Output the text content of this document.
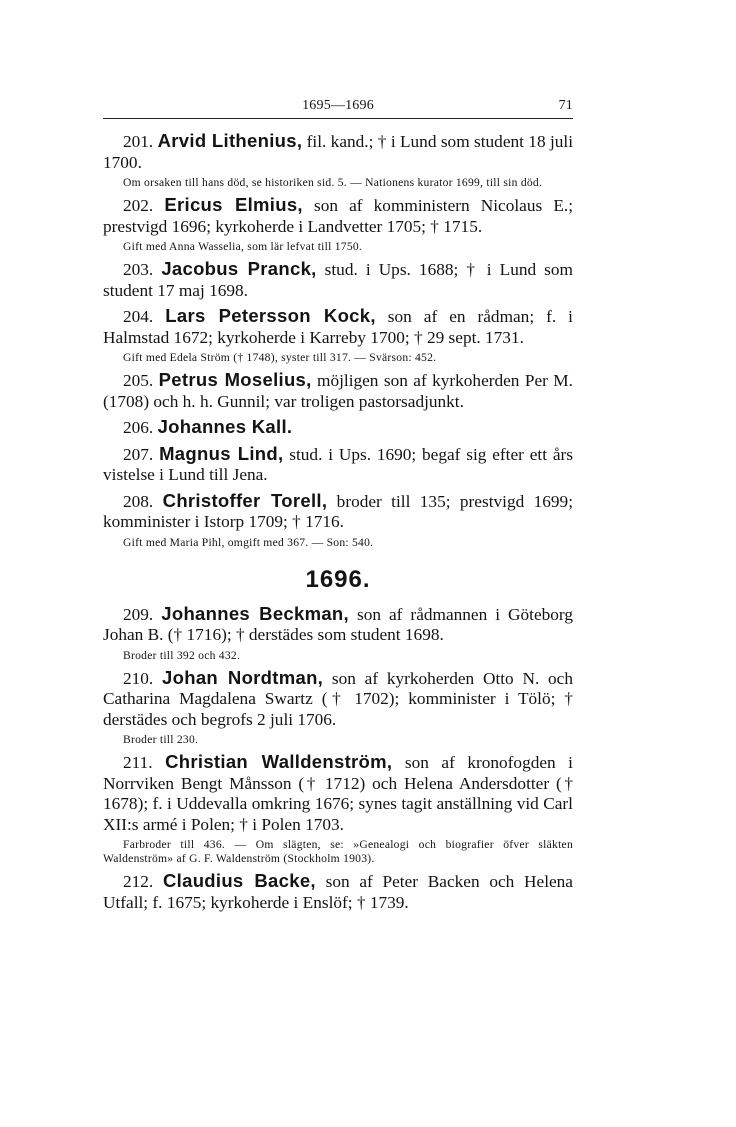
1695—1696	71

201. Arvid Lithenius, fil. kand.; † i Lund som student 18 juli 1700.

Om orsaken till hans död, se historiken sid. 5. — Nationens kurator 1699, till sin död.

202. Ericus Elmius, son af komministern Nicolaus E.; prestvigd 1696; kyrkoherde i Landvetter 1705; † 1715.

Gift med Anna Wasselia, som lär lefvat till 1750.

203. Jacobus Pranck, stud. i Ups. 1688; † i Lund som student 17 maj 1698.

204. Lars Petersson Kock, son af en rådman; f. i Halmstad 1672; kyrkoherde i Karreby 1700; † 29 sept. 1731.

Gift med Edela Ström († 1748), syster till 317. — Svärson: 452.

205. Petrus Moselius, möjligen son af kyrkoherden Per M. (1708) och h. h. Gunnil; var troligen pastorsadjunkt.

206. Johannes Kall.

207. Magnus Lind, stud. i Ups. 1690; begaf sig efter ett års vistelse i Lund till Jena.

208. Christoffer Torell, broder till 135; prestvigd 1699; komminister i Istorp 1709; † 1716.

Gift med Maria Pihl, omgift med 367. — Son: 540.

1696.

209. Johannes Beckman, son af rådmannen i Göteborg Johan B. († 1716); † derstädes som student 1698.

Broder till 392 och 432.

210. Johan Nordtman, son af kyrkoherden Otto N. och Catharina Magdalena Swartz († 1702); komminister i Tölö; † derstädes och begrofs 2 juli 1706.

Broder till 230.

211. Christian Walldenström, son af kronofogden i Norrviken Bengt Månsson († 1712) och Helena Andersdotter († 1678); f. i Uddevalla omkring 1676; synes tagit anställning vid Carl XII:s armé i Polen; † i Polen 1703.

Farbroder till 436. — Om slägten, se: »Genealogi och biografier öfver släkten Waldenström» af G. F. Waldenström (Stockholm 1903).

212. Claudius Backe, son af Peter Backen och Helena Utfall; f. 1675; kyrkoherde i Enslöf; † 1739.
